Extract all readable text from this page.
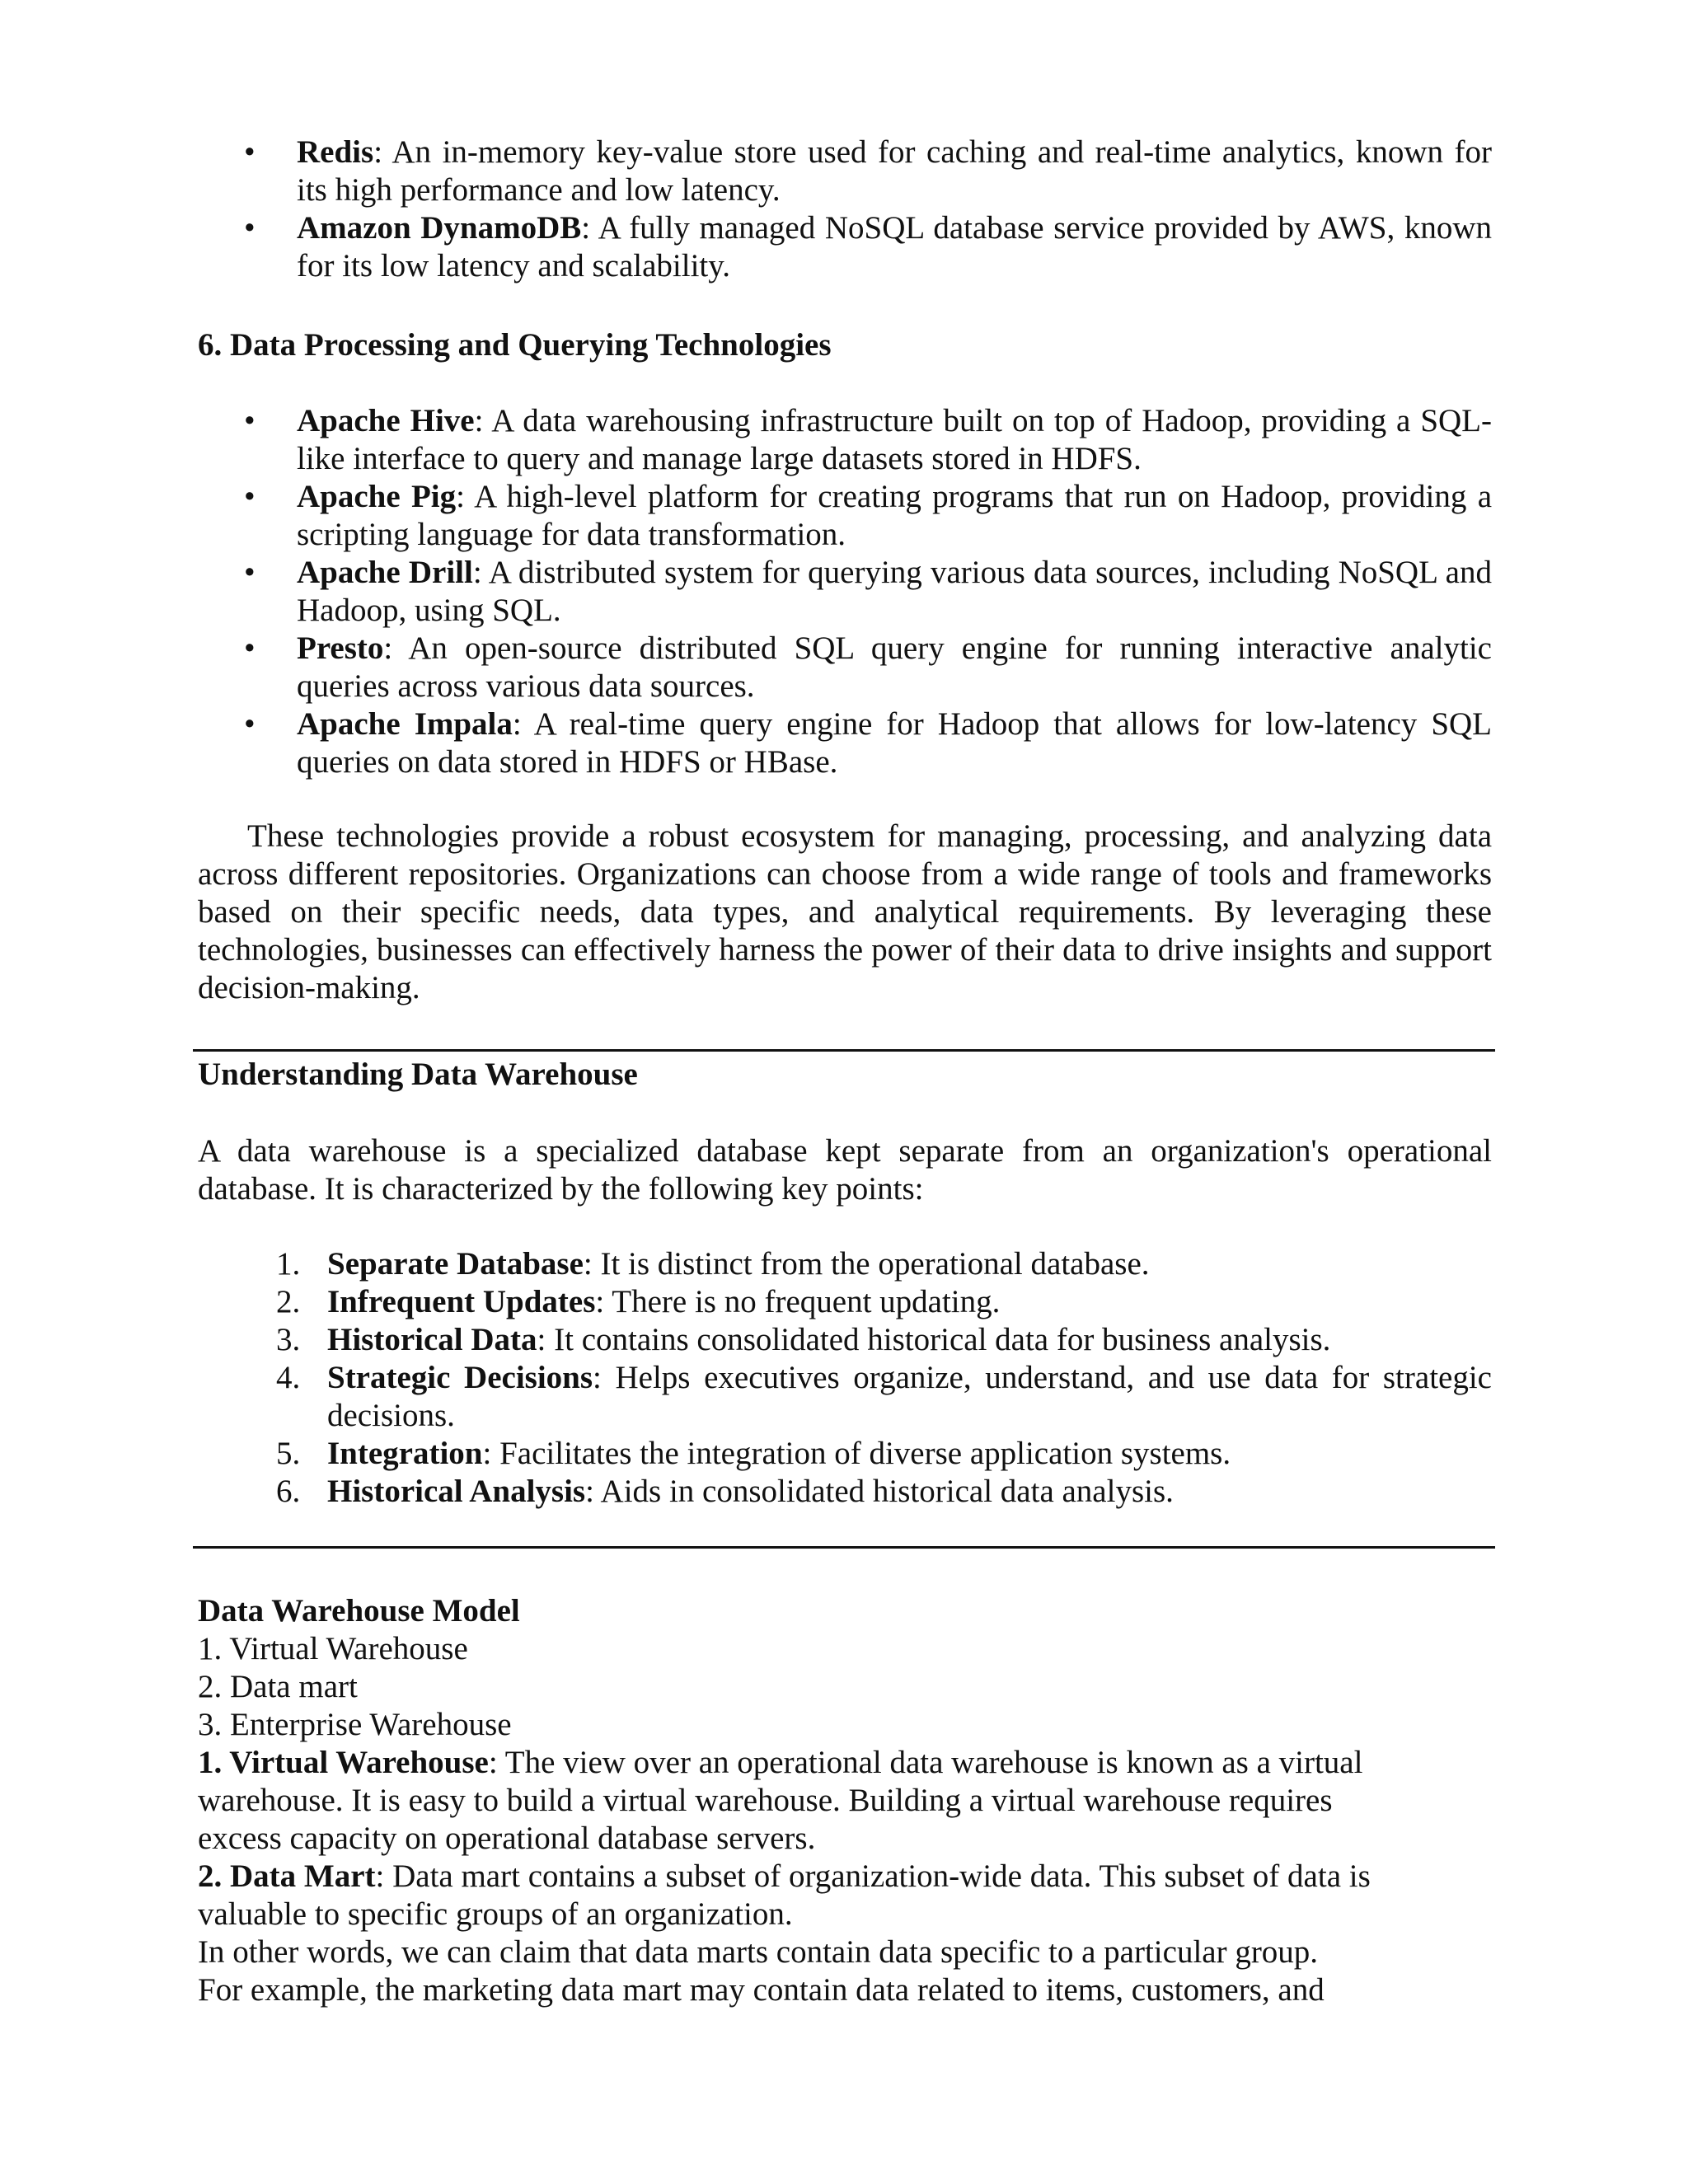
• Redis: An in-memory key-value store used for caching and real-time analytics, known for its high performance and low latency.
• Amazon DynamoDB: A fully managed NoSQL database service provided by AWS, known for its low latency and scalability.
6. Data Processing and Querying Technologies
• Apache Hive: A data warehousing infrastructure built on top of Hadoop, providing a SQL-like interface to query and manage large datasets stored in HDFS.
• Apache Pig: A high-level platform for creating programs that run on Hadoop, providing a scripting language for data transformation.
• Apache Drill: A distributed system for querying various data sources, including NoSQL and Hadoop, using SQL.
• Presto: An open-source distributed SQL query engine for running interactive analytic queries across various data sources.
• Apache Impala: A real-time query engine for Hadoop that allows for low-latency SQL queries on data stored in HDFS or HBase.
These technologies provide a robust ecosystem for managing, processing, and analyzing data across different repositories. Organizations can choose from a wide range of tools and frameworks based on their specific needs, data types, and analytical requirements. By leveraging these technologies, businesses can effectively harness the power of their data to drive insights and support decision-making.
Understanding Data Warehouse
A data warehouse is a specialized database kept separate from an organization's operational database. It is characterized by the following key points:
1. Separate Database: It is distinct from the operational database.
2. Infrequent Updates: There is no frequent updating.
3. Historical Data: It contains consolidated historical data for business analysis.
4. Strategic Decisions: Helps executives organize, understand, and use data for strategic decisions.
5. Integration: Facilitates the integration of diverse application systems.
6. Historical Analysis: Aids in consolidated historical data analysis.
Data Warehouse Model
1. Virtual Warehouse
2. Data mart
3. Enterprise Warehouse
1. Virtual Warehouse: The view over an operational data warehouse is known as a virtual
warehouse. It is easy to build a virtual warehouse. Building a virtual warehouse requires
excess capacity on operational database servers.
2. Data Mart: Data mart contains a subset of organization-wide data. This subset of data is
valuable to specific groups of an organization.
In other words, we can claim that data marts contain data specific to a particular group.
For example, the marketing data mart may contain data related to items, customers, and
